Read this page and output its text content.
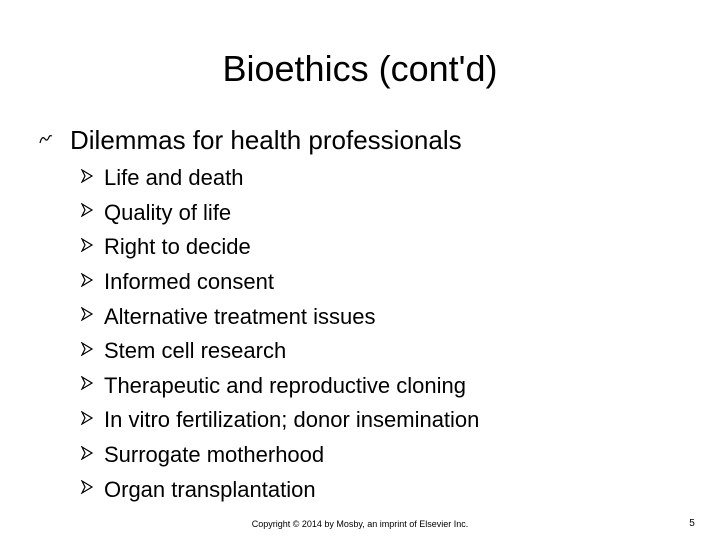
Bioethics (cont'd)
Dilemmas for health professionals
Life and death
Quality of life
Right to decide
Informed consent
Alternative treatment issues
Stem cell research
Therapeutic and reproductive cloning
In vitro fertilization; donor insemination
Surrogate motherhood
Organ transplantation
Copyright © 2014 by Mosby, an imprint of Elsevier Inc.	5
